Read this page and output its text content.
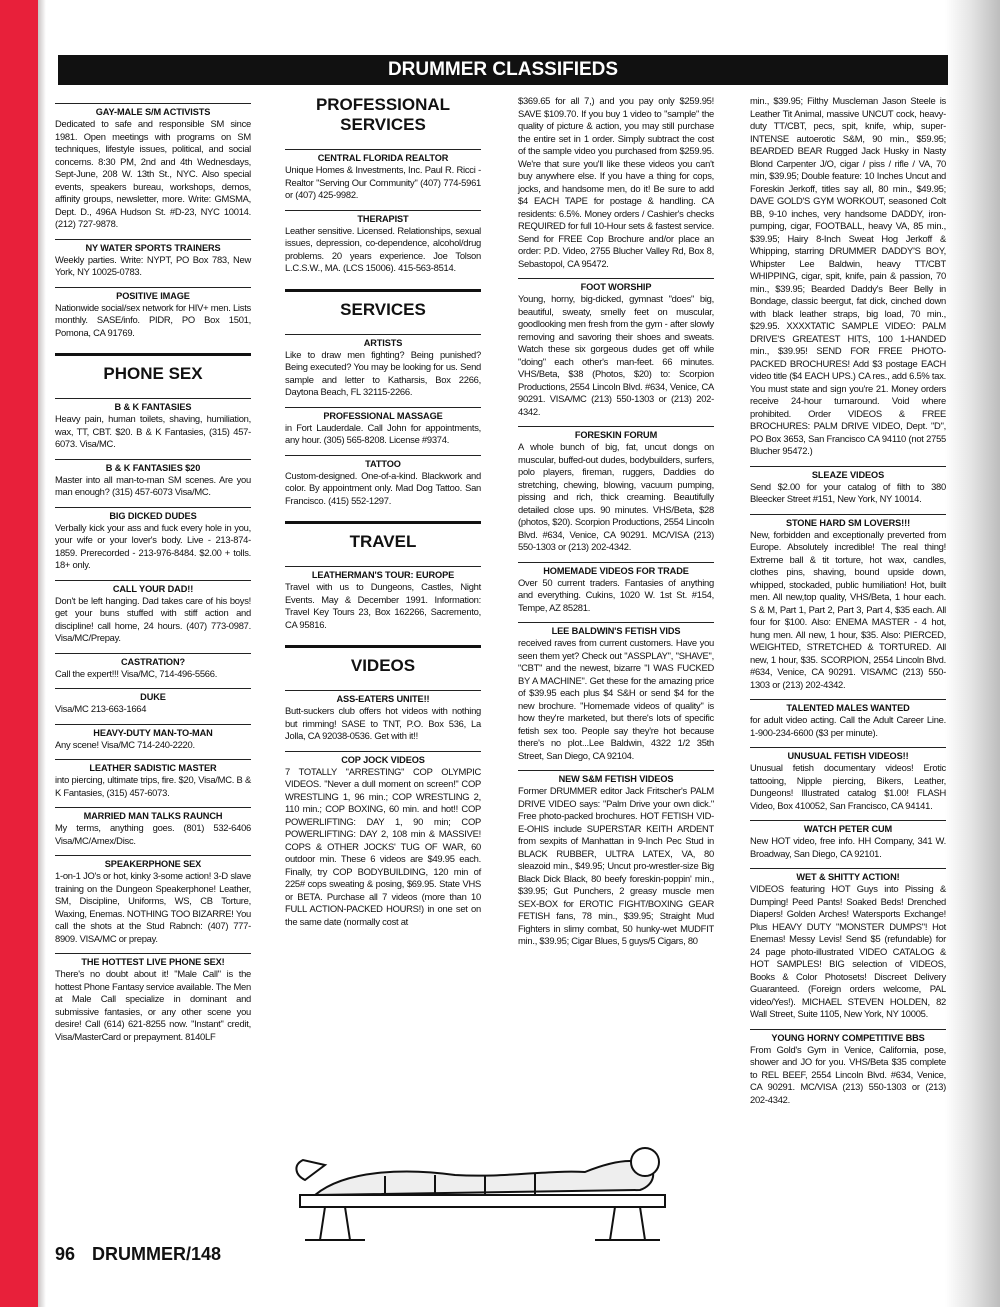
DRUMMER CLASSIFIEDS
GAY-MALE S/M ACTIVISTS
Dedicated to safe and responsible SM since 1981. Open meetings with programs on SM techniques, lifestyle issues, political, and social concerns. 8:30 PM, 2nd and 4th Wednesdays, Sept-June, 208 W. 13th St., NYC. Also special events, speakers bureau, workshops, demos, affinity groups, newsletter, more. Write: GMSMA, Dept. D., 496A Hudson St. #D-23, NYC 10014. (212) 727-9878.
NY WATER SPORTS TRAINERS
Weekly parties. Write: NYPT, PO Box 783, New York, NY 10025-0783.
POSITIVE IMAGE
Nationwide social/sex network for HIV+ men. Lists monthly. SASE/info. PIDR, PO Box 1501, Pomona, CA 91769.
PHONE SEX
B & K FANTASIES
Heavy pain, human toilets, shaving, humiliation, wax, TT, CBT. $20. B & K Fantasies, (315) 457-6073. Visa/MC.
B & K FANTASIES $20
Master into all man-to-man SM scenes. Are you man enough? (315) 457-6073 Visa/MC.
BIG DICKED DUDES
Verbally kick your ass and fuck every hole in you, your wife or your lover's body. Live - 213-874-1859. Prerecorded - 213-976-8484. $2.00 + tolls. 18+ only.
CALL YOUR DAD!!
Don't be left hanging. Dad takes care of his boys! get your buns stuffed with stiff action and discipline! call home, 24 hours. (407) 773-0987. Visa/MC/Prepay.
CASTRATION?
Call the expert!!! Visa/MC, 714-496-5566.
DUKE
Visa/MC 213-663-1664
HEAVY-DUTY MAN-TO-MAN
Any scene! Visa/MC 714-240-2220.
LEATHER SADISTIC MASTER
into piercing, ultimate trips, fire. $20, Visa/MC. B & K Fantasies, (315) 457-6073.
MARRIED MAN TALKS RAUNCH
My terms, anything goes. (801) 532-6406 Visa/MC/Amex/Disc.
SPEAKERPHONE SEX
1-on-1 JO's or hot, kinky 3-some action! 3-D slave training on the Dungeon Speakerphone! Leather, SM, Discipline, Uniforms, WS, CB Torture, Waxing, Enemas. NOTHING TOO BIZARRE! You call the shots at the Stud Rabnch: (407) 777-8909. VISA/MC or prepay.
THE HOTTEST LIVE PHONE SEX!
There's no doubt about it! "Male Call" is the hottest Phone Fantasy service available. The Men at Male Call specialize in dominant and submissive fantasies, or any other scene you desire! Call (614) 621-8255 now. "Instant" credit, Visa/MasterCard or prepayment. 8140LF
PROFESSIONAL SERVICES
CENTRAL FLORIDA REALTOR
Unique Homes & Investments, Inc. Paul R. Ricci - Realtor "Serving Our Community" (407) 774-5961 or (407) 425-9982.
THERAPIST
Leather sensitive. Licensed. Relationships, sexual issues, depression, co-dependence, alcohol/drug problems. 20 years experience. Joe Tolson L.C.S.W., MA. (LCS 15006). 415-563-8514.
SERVICES
ARTISTS
Like to draw men fighting? Being punished? Being executed? You may be looking for us. Send sample and letter to Katharsis, Box 2266, Daytona Beach, FL 32115-2266.
PROFESSIONAL MASSAGE
in Fort Lauderdale. Call John for appointments, any hour. (305) 565-8208. License #9374.
TATTOO
Custom-designed. One-of-a-kind. Blackwork and color. By appointment only. Mad Dog Tattoo. San Francisco. (415) 552-1297.
TRAVEL
LEATHERMAN'S TOUR: EUROPE
Travel with us to Dungeons, Castles, Night Events. May & December 1991. Information: Travel Key Tours 23, Box 162266, Sacremento, CA 95816.
VIDEOS
ASS-EATERS UNITE!!
Butt-suckers club offers hot videos with nothing but rimming! SASE to TNT, P.O. Box 536, La Jolla, CA 92038-0536. Get with it!!
COP JOCK VIDEOS
7 TOTALLY "ARRESTING" COP OLYMPIC VIDEOS. "Never a dull moment on screen!" COP WRESTLING 1, 96 min.; COP WRESTLING 2, 110 min.; COP BOXING, 60 min. and hot!! COP POWERLIFTING: DAY 1, 90 min; COP POWERLIFTING: DAY 2, 108 min & MASSIVE! COPS & OTHER JOCKS' TUG OF WAR, 60 outdoor min. These 6 videos are $49.95 each. Finally, try COP BODYBUILDING, 120 min of 225# cops sweating & posing, $69.95. State VHS or BETA. Purchase all 7 videos (more than 10 FULL ACTION-PACKED HOURS!) in one set on the same date (normally cost at
$369.65 for all 7,) and you pay only $259.95! SAVE $109.70. If you buy 1 video to "sample" the quality of picture & action, you may still purchase the entire set in 1 order. Simply subtract the cost of the sample video you purchased from $259.95. We're that sure you'll like these videos you can't buy anywhere else. If you have a thing for cops, jocks, and handsome men, do it! Be sure to add $4 EACH TAPE for postage & handling. CA residents: 6.5%. Money orders / Cashier's checks REQUIRED for full 10-Hour sets & fastest service. Send for FREE Cop Brochure and/or place an order: P.D. Video, 2755 Blucher Valley Rd, Box 8, Sebastopol, CA 95472.
FOOT WORSHIP
Young, horny, big-dicked, gymnast "does" big, beautiful, sweaty, smelly feet on muscular, goodlooking men fresh from the gym - after slowly removing and savoring their shoes and sweats. Watch these six gorgeous dudes get off while "doing" each other's man-feet. 66 minutes. VHS/Beta, $38 (Photos, $20) to: Scorpion Productions, 2554 Lincoln Blvd. #634, Venice, CA 90291. VISA/MC (213) 550-1303 or (213) 202-4342.
FORESKIN FORUM
A whole bunch of big, fat, uncut dongs on muscular, buffed-out dudes, bodybuilders, surfers, polo players, fireman, ruggers, Daddies do stretching, chewing, blowing, vacuum pumping, pissing and rich, thick creaming. Beautifully detailed close ups. 90 minutes. VHS/Beta, $28 (photos, $20). Scorpion Productions, 2554 Lincoln Blvd. #634, Venice, CA 90291. MC/VISA (213) 550-1303 or (213) 202-4342.
HOMEMADE VIDEOS FOR TRADE
Over 50 current traders. Fantasies of anything and everything. Cukins, 1020 W. 1st St. #154, Tempe, AZ 85281.
LEE BALDWIN'S FETISH VIDS
received raves from current customers. Have you seen them yet? Check out "ASSPLAY", "SHAVE", "CBT" and the newest, bizarre "I WAS FUCKED BY A MACHINE". Get these for the amazing price of $39.95 each plus $4 S&H or send $4 for the new brochure. "Homemade videos of quality" is how they're marketed, but there's lots of specific fetish sex too. People say they're hot because there's no plot...Lee Baldwin, 4322 1/2 35th Street, San Diego, CA 92104.
NEW S&M FETISH VIDEOS
Former DRUMMER editor Jack Fritscher's PALM DRIVE VIDEO says: "Palm Drive your own dick." Free photo-packed brochures. HOT FETISH VID-E-OHIS include SUPERSTAR KEITH ARDENT from sexpits of Manhattan in 9-Inch Pec Stud in BLACK RUBBER, ULTRA LATEX, VA, 80 sleazoid min., $49.95; Uncut pro-wrestler-size Big Black Dick Black, 80 beefy foreskin-poppin' min., $39.95; Gut Punchers, 2 greasy muscle men SEX-BOX for EROTIC FIGHT/BOXING GEAR FETISH fans, 78 min., $39.95; Straight Mud Fighters in slimy combat, 50 hunky-wet MUDFIT min., $39.95; Cigar Blues, 5 guys/5 Cigars, 80
min., $39.95; Filthy Muscleman Jason Steele is Leather Tit Animal, massive UNCUT cock, heavy-duty TT/CBT, pecs, spit, knife, whip, super-INTENSE autoerotic S&M, 90 min., $59.95; BEARDED BEAR Rugged Jack Husky in Nasty Blond Carpenter J/O, cigar / piss / rifle / VA, 70 min, $39.95; Double feature: 10 Inches Uncut and Foreskin Jerkoff, titles say all, 80 min., $49.95; DAVE GOLD'S GYM WORKOUT, seasoned Colt BB, 9-10 inches, very handsome DADDY, iron-pumping, cigar, FOOTBALL, heavy VA, 85 min., $39.95; Hairy 8-Inch Sweat Hog Jerkoff & Whipping, starring DRUMMER DADDY'S BOY, Whipster Lee Baldwin, heavy TT/CBT WHIPPING, cigar, spit, knife, pain & passion, 70 min., $39.95; Bearded Daddy's Beer Belly in Bondage, classic beergut, fat dick, cinched down with black leather straps, big load, 70 min., $29.95. XXXXTATIC SAMPLE VIDEO: PALM DRIVE'S GREATEST HITS, 100 1-HANDED min., $39.95! SEND FOR FREE PHOTO-PACKED BROCHURES! Add $3 postage EACH video title ($4 EACH UPS.) CA res., add 6.5% tax. You must state and sign you're 21. Money orders receive 24-hour turnaround. Void where prohibited. Order VIDEOS & FREE BROCHURES: PALM DRIVE VIDEO, Dept. "D", PO Box 3653, San Francisco CA 94110 (not 2755 Blucher 95472.)
SLEAZE VIDEOS
Send $2.00 for your catalog of filth to 380 Bleecker Street #151, New York, NY 10014.
STONE HARD SM LOVERS!!!
New, forbidden and exceptionally preverted from Europe. Absolutely incredible! The real thing! Extreme ball & tit torture, hot wax, candles, clothes pins, shaving, bound upside down, whipped, stockaded, public humiliation! Hot, built men. All new,top quality, VHS/Beta, 1 hour each. S & M, Part 1, Part 2, Part 3, Part 4, $35 each. All four for $100. Also: ENEMA MASTER - 4 hot, hung men. All new, 1 hour, $35. Also: PIERCED, WEIGHTED, STRETCHED & TORTURED. All new, 1 hour, $35. SCORPION, 2554 Lincoln Blvd. #634, Venice, CA 90291. VISA/MC (213) 550-1303 or (213) 202-4342.
TALENTED MALES WANTED
for adult video acting. Call the Adult Career Line. 1-900-234-6600 ($3 per minute).
UNUSUAL FETISH VIDEOS!!
Unusual fetish documentary videos! Erotic tattooing, Nipple piercing, Bikers, Leather, Dungeons! Illustrated catalog $1.00! FLASH Video, Box 410052, San Francisco, CA 94141.
WATCH PETER CUM
New HOT video, free info. HH Company, 341 W. Broadway, San Diego, CA 92101.
WET & SHITTY ACTION!
VIDEOS featuring HOT Guys into Pissing & Dumping! Peed Pants! Soaked Beds! Drenched Diapers! Golden Arches! Watersports Exchange! Plus HEAVY DUTY "MONSTER DUMPS"! Hot Enemas! Messy Levis! Send $5 (refundable) for 24 page photo-illustrated VIDEO CATALOG & HOT SAMPLES! BIG selection of VIDEOS, Books & Color Photosets! Discreet Delivery Guaranteed. (Foreign orders welcome, PAL video/Yes!). MICHAEL STEVEN HOLDEN, 82 Wall Street, Suite 1105, New York, NY 10005.
YOUNG HORNY COMPETITIVE BBS
From Gold's Gym in Venice, California, pose, shower and JO for you. VHS/Beta $35 complete to REL BEEF, 2554 Lincoln Blvd. #634, Venice, CA 90291. MC/VISA (213) 550-1303 or (213) 202-4342.
96 DRUMMER/148
